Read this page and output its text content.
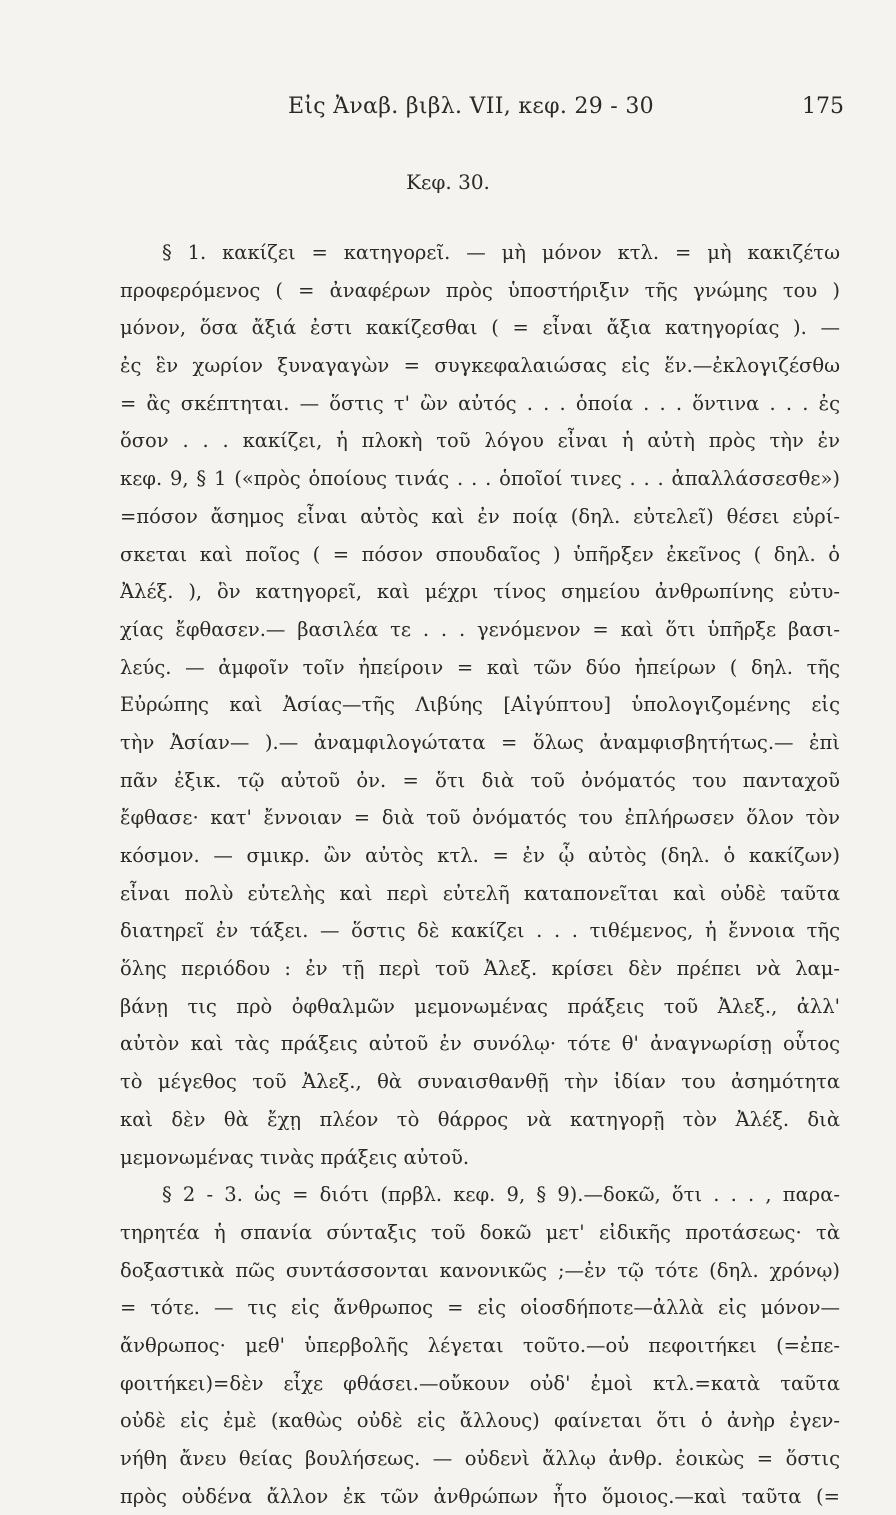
Εἰς Ἀναβ. βιβλ. VII, κεφ. 29 - 30	175
Κεφ. 30.
§ 1. κακίζει = κατηγορεῖ. — μὴ μόνον κτλ. = μὴ κακιζέτω
προφερόμενος ( = ἀναφέρων πρὸς ὑποστήριξιν τῆς γνώμης του )
μόνον, ὅσα ἄξιά ἐστι κακίζεσθαι ( = εἶναι ἄξια κατηγορίας ). —
ἐς ἓν χωρίον ξυναγαγὼν = συγκεφαλαιώσας εἰς ἕν.—ἐκλογιζέσθω
= ἂς σκέπτηται. — ὅστις τ' ὢν αὐτός . . . ὁποία . . . ὅντινα . . . ἐς
ὅσον . . . κακίζει, ἡ πλοκὴ τοῦ λόγου εἶναι ἡ αὐτὴ πρὸς τὴν ἐν
κεφ. 9, § 1 («πρὸς ὁποίους τινάς . . . ὁποῖοί τινες . . . ἀπαλλάσσεσθε»)
=πόσον ἄσημος εἶναι αὐτὸς καὶ ἐν ποίᾳ (δηλ. εὐτελεῖ) θέσει εὑρί-
σκεται καὶ ποῖος ( = πόσον σπουδαῖος ) ὑπῆρξεν ἐκεῖνος ( δηλ. ὁ
Ἀλέξ. ), ὃν κατηγορεῖ, καὶ μέχρι τίνος σημείου ἀνθρωπίνης εὐτυ-
χίας ἔφθασεν.— βασιλέα τε . . . γενόμενον = καὶ ὅτι ὑπῆρξε βασι-
λεύς. — ἀμφοῖν τοῖν ἠπείροιν = καὶ τῶν δύο ἠπείρων ( δηλ. τῆς
Εὐρώπης καὶ Ἀσίας—τῆς Λιβύης [Αἰγύπτου] ὑπολογιζομένης εἰς
τὴν Ἀσίαν— ).— ἀναμφιλογώτατα = ὅλως ἀναμφισβητήτως.— ἐπὶ
πᾶν ἐξικ. τῷ αὐτοῦ ὀν. = ὅτι διὰ τοῦ ὀνόματός του πανταχοῦ
ἔφθασε· κατ' ἔννοιαν = διὰ τοῦ ὀνόματός του ἐπλήρωσεν ὅλον τὸν
κόσμον. — σμικρ. ὢν αὐτὸς κτλ. = ἐν ᾧ αὐτὸς (δηλ. ὁ κακίζων)
εἶναι πολὺ εὐτελὴς καὶ περὶ εὐτελῆ καταπονεῖται καὶ οὐδὲ ταῦτα
διατηρεῖ ἐν τάξει. — ὅστις δὲ κακίζει . . . τιθέμενος, ἡ ἔννοια τῆς
ὅλης περιόδου : ἐν τῇ περὶ τοῦ Ἀλεξ. κρίσει δὲν πρέπει νὰ λαμ-
βάνῃ τις πρὸ ὀφθαλμῶν μεμονωμένας πράξεις τοῦ Ἀλεξ., ἀλλ'
αὐτὸν καὶ τὰς πράξεις αὐτοῦ ἐν συνόλῳ· τότε θ' ἀναγνωρίσῃ οὗτος
τὸ μέγεθος τοῦ Ἀλεξ., θὰ συναισθανθῇ τὴν ἰδίαν του ἀσημότητα
καὶ δὲν θὰ ἔχῃ πλέον τὸ θάρρος νὰ κατηγορῇ τὸν Ἀλέξ. διὰ
μεμονωμένας τινὰς πράξεις αὐτοῦ.
§ 2 - 3. ὡς = διότι (πρβλ. κεφ. 9, § 9).—δοκῶ, ὅτι . . . , παρα-
τηρητέα ἡ σπανία σύνταξις τοῦ δοκῶ μετ' εἰδικῆς προτάσεως· τὰ
δοξαστικὰ πῶς συντάσσονται κανονικῶς ;—ἐν τῷ τότε (δηλ. χρόνῳ)
= τότε. — τις εἰς ἄνθρωπος = εἰς οἱοσδήποτε—ἀλλὰ εἰς μόνον—
ἄνθρωπος· μεθ' ὑπερβολῆς λέγεται τοῦτο.—οὐ πεφοιτήκει (=ἐπε-
φοιτήκει)=δὲν εἶχε φθάσει.—οὔκουν οὐδ' ἐμοὶ κτλ.=κατὰ ταῦτα
οὐδὲ εἰς ἐμὲ (καθὼς οὐδὲ εἰς ἄλλους) φαίνεται ὅτι ὁ ἀνὴρ ἐγεν-
νήθη ἄνευ θείας βουλήσεως. — οὐδενὶ ἄλλῳ ἀνθρ. ἐοικὼς = ὅστις
πρὸς οὐδένα ἄλλον ἐκ τῶν ἀνθρώπων ἦτο ὅμοιος.—καὶ ταῦτα (=
